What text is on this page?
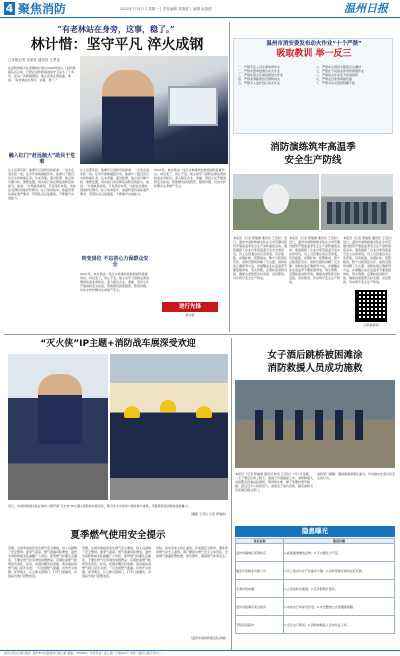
4 聚焦消防	2022年7月4日 │ 星期一 │ 责任编辑 郑瑞建 │ 编辑 崔瑞德	温州日报
“有老林站在身旁，这事，稳了。”
林计惜：坚守平凡 淬火成钢
□本报记者 吴家柱 通讯员 王景仪
在消防救援大队泰顺林计惜自2008年加入了消防救援队伍以来，已经在消防救援战线守卫奋斗了十多年。在每一次救援现场，他总是冲在最前面，他说：“有老林站在身旁，这事，稳了。”
融入红门“赶远脑大”助民于危难
从入伍那年起，他便牢记消防员的使命，一次次走进危险一线。在多年的救援经历中，他参与了数百次灭火和救援任务，从未退缩。面对险情，他总是冷静分析、果断处置，用实际行动诠释着消防员的担当。他说：“火场就是战场，只有练好本领，才能在关键时刻保护好群众。”在日常训练中，他始终坚持高标准严要求，带领队员反复演练，不断提升实战能力。
从入伍那年起，他便牢记消防员的使命，一次次走进危险一线。在多年的救援经历中，他参与了数百次灭火和救援任务，从未退缩。面对险情，他总是冷静分析、果断处置，用实际行动诠释着消防员的担当。他说：“火场就是战场，只有练好本领，才能在关键时刻保护好群众。”在日常训练中，他始终坚持高标准严要求，带领队员反复演练，不断提升实战能力。
转变岗位 不忘初心力保群众安全
2021年，林计惜由一线灭火救援岗位转到消防监督岗位。岗位变了，初心不变。他主动学习消防法律法规和检查业务知识，深入辖区企业、商铺、居民小区开展消防安全检查，帮助群众排查隐患、整改问题，切实守护好群众生命财产安全。
2021年，林计惜由一线灭火救援岗位转到消防监督岗位。岗位变了，初心不变。他主动学习消防法律法规和检查业务知识，深入辖区企业、商铺、居民小区开展消防安全检查，帮助群众排查隐患、整改问题，切实守护好群众生命财产安全。
逆行先锋
林计惜
温州市消安委发布动火作业“十个严禁”
吸取教训 举一反三
一、严禁无证人员从事电焊作业
二、严禁未经审批擅自动火作业
三、严禁在禁火区域违规动火作业
四、严禁未清除周边可燃物动火
五、严禁无人监护进行动火作业
六、严禁动火现场未配备灭火器材
七、严禁在不具备条件场所焊割作业
八、严禁动火作业后不检查现场
九、严禁违章使用焊割设备
十、严禁对动火隐患隐瞒不报
消防演练筑牢高温季
安全生产防线
本报讯（记者 郑瑞建 通讯员 王景仪）近日，温州市消防救援支队在全市范围内组织开展高温季安全生产消防演练活动。演练模拟了企业仓库因高温引发火灾的场景，员工们迅速启动应急预案，有序疏散、初期扑救、报警联动，整个过程紧张有序。消防员现场讲解了灭火器、消防栓的正确使用方法，并提醒企业在高温季节要加强用电、用火管理，定期检查消防设施，确保各类隐患及时发现、及时整改，切实筑牢安全生产防线。
本报讯（记者 郑瑞建 通讯员 王景仪）近日，温州市消防救援支队在全市范围内组织开展高温季安全生产消防演练活动。演练模拟了企业仓库因高温引发火灾的场景，员工们迅速启动应急预案，有序疏散、初期扑救、报警联动，整个过程紧张有序。消防员现场讲解了灭火器、消防栓的正确使用方法，并提醒企业在高温季节要加强用电、用火管理，定期检查消防设施，确保各类隐患及时发现、及时整改，切实筑牢安全生产防线。
本报讯（记者 郑瑞建 通讯员 王景仪）近日，温州市消防救援支队在全市范围内组织开展高温季安全生产消防演练活动。演练模拟了企业仓库因高温引发火灾的场景，员工们迅速启动应急预案，有序疏散、初期扑救、报警联动，整个过程紧张有序。消防员现场讲解了灭火器、消防栓的正确使用方法，并提醒企业在高温季节要加强用电、用火管理，定期检查消防设施，确保各类隐患及时发现、及时整改，切实筑牢安全生产防线。
扫码看视频
“灭火侠”IP主题+消防战车展深受欢迎
近日，市消防救援支队在城市公园开展“灭火侠”IP主题+消防战车展活动，吸引众多市民和小朋友参与体验，零距离感受消防装备的魅力。
（摄影 王景仪 记者 郑瑞建）
女子酒后跳桥被困滩涂
消防救援人员成功施救
本报讯（记者 郑瑞建 通讯员 林雪 王景仪）7月1日凌晨，一女子酒后从桥上跳下，被困于河道滩涂之中。消防救援人员接警后迅速赶赴现场，利用救生绳、梯子等器材展开救援。经过近半小时的努力，被困女子成功获救，随后被移交给家属及相关部门。
消防部门提醒：遇到困难请理性面对，切勿做出危害自身安全的行为。
隐患曝光
单位名称	隐患问题
温州市鹿城区某餐饮店	1.疏散通道堆放杂物；2.灭火器压力不足。
瑞安市某鞋业有限公司	1.员工宿舍与生产区域未分隔；2.消防设施未保持完好有效。
乐清市某电器厂	1.占用消防车通道；2.应急照明灯损坏。
温州市瓯海区某出租房	1.电动自行车室内充电；2.未设置独立式感烟探测器。
平阳县某超市	1.安全出口锁闭；2.消防控制室人员未持证上岗。
夏季燃气使用安全提示
近期，全国多地接连发生燃气安全事故，给人们敲响了安全警钟。夏季气温高，燃气泄漏风险增加，温州市消防救援支队提醒广大市民：使用燃气时要注意通风，不要在燃气灶旁堆放易燃物品；定期检查燃气软管是否老化、松动，发现问题及时更换；离家前检查燃气阀门是否关闭；一旦发现燃气泄漏，切勿开关电器、使用明火，应立即关闭阀门、打开门窗通风，并到室外拨打报警电话。
近期，全国多地接连发生燃气安全事故，给人们敲响了安全警钟。夏季气温高，燃气泄漏风险增加，温州市消防救援支队提醒广大市民：使用燃气时要注意通风，不要在燃气灶旁堆放易燃物品；定期检查燃气软管是否老化、松动，发现问题及时更换；离家前检查燃气阀门是否关闭；一旦发现燃气泄漏，切勿开关电器、使用明火，应立即关闭阀门、打开门窗通风，并到室外拨打报警电话。
同时，家中有老人和儿童的，应加强安全教育，避免使用燃气时无人看管。商户要落实燃气安全主体责任，安装燃气泄漏报警装置，规范操作，确保燃气使用安全。
（温州市消防救援支队供稿）
温州日报社出版 地址：温州市市府路温州日报大厦 邮编：325000 广告许可证：温工商广字第001号 印刷：温州日报印务中心
